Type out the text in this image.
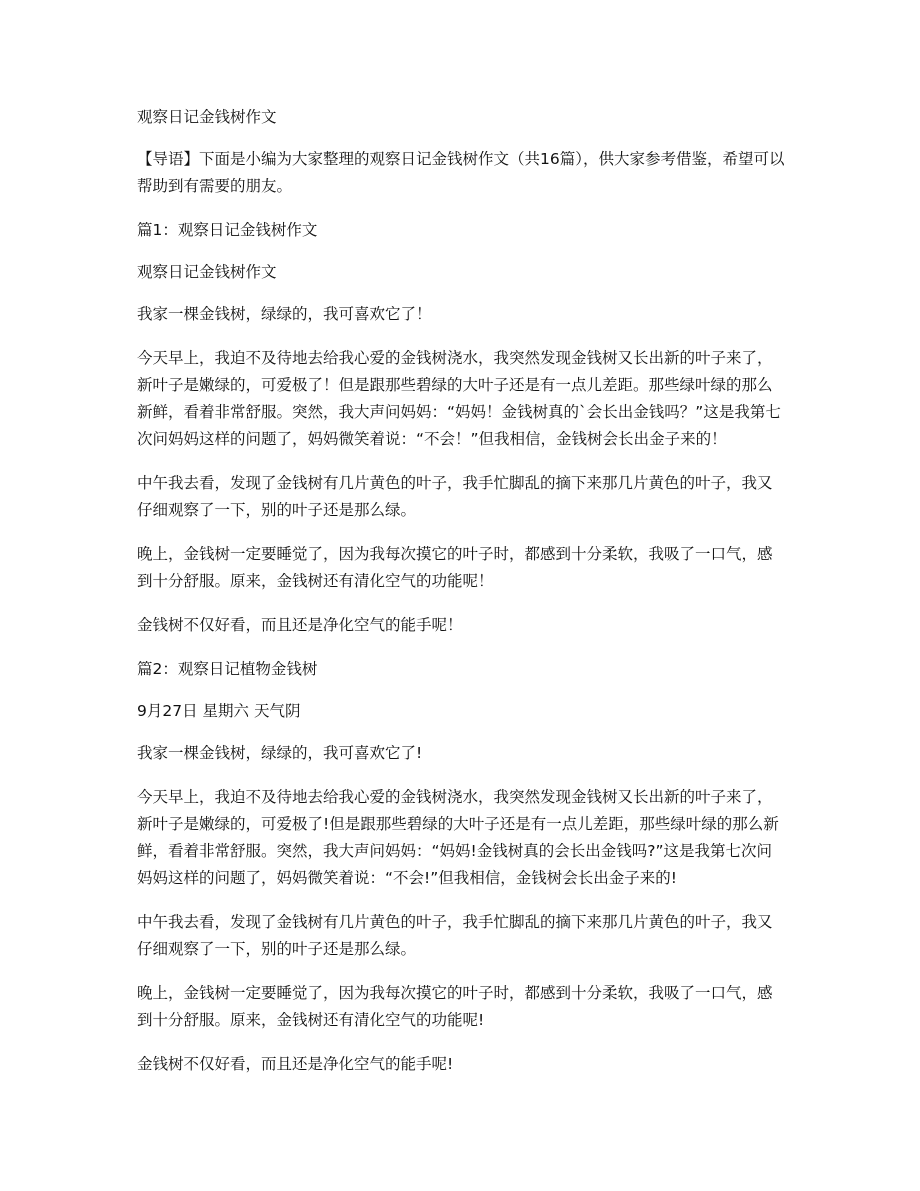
观察日记金钱树作文

【导语】下面是小编为大家整理的观察日记金钱树作文（共16篇），供大家参考借鉴，希望可以帮助到有需要的朋友。

篇1：观察日记金钱树作文

观察日记金钱树作文

我家一棵金钱树，绿绿的，我可喜欢它了！

今天早上，我迫不及待地去给我心爱的金钱树浇水，我突然发现金钱树又长出新的叶子来了，新叶子是嫩绿的，可爱极了！但是跟那些碧绿的大叶子还是有一点儿差距。那些绿叶绿的那么新鲜，看着非常舒服。突然，我大声问妈妈：“妈妈！金钱树真的`会长出金钱吗？”这是我第七次问妈妈这样的问题了，妈妈微笑着说：“不会！”但我相信，金钱树会长出金子来的！

中午我去看，发现了金钱树有几片黄色的叶子，我手忙脚乱的摘下来那几片黄色的叶子，我又仔细观察了一下，别的叶子还是那么绿。

晚上，金钱树一定要睡觉了，因为我每次摸它的叶子时，都感到十分柔软，我吸了一口气，感到十分舒服。原来，金钱树还有清化空气的功能呢！

金钱树不仅好看，而且还是净化空气的能手呢！

篇2：观察日记植物金钱树

9月27日 星期六 天气阴

我家一棵金钱树，绿绿的，我可喜欢它了!

今天早上，我迫不及待地去给我心爱的金钱树浇水，我突然发现金钱树又长出新的叶子来了，新叶子是嫩绿的，可爱极了!但是跟那些碧绿的大叶子还是有一点儿差距，那些绿叶绿的那么新鲜，看着非常舒服。突然，我大声问妈妈：“妈妈!金钱树真的会长出金钱吗?”这是我第七次问妈妈这样的问题了，妈妈微笑着说：“不会!”但我相信，金钱树会长出金子来的!

中午我去看，发现了金钱树有几片黄色的叶子，我手忙脚乱的摘下来那几片黄色的叶子，我又仔细观察了一下，别的叶子还是那么绿。

晚上，金钱树一定要睡觉了，因为我每次摸它的叶子时，都感到十分柔软，我吸了一口气，感到十分舒服。原来，金钱树还有清化空气的功能呢!

金钱树不仅好看，而且还是净化空气的能手呢!
